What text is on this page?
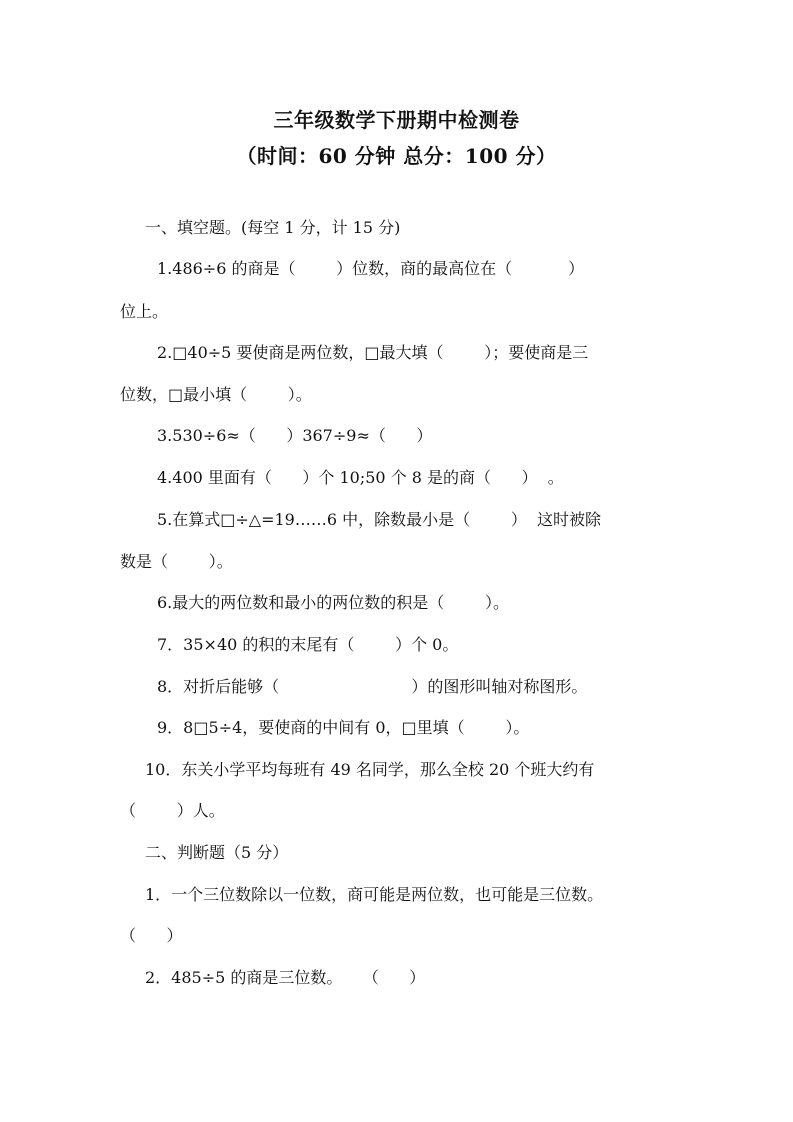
三年级数学下册期中检测卷
（时间：60 分钟 总分：100 分）
一、填空题。(每空 1 分，计 15 分)
1.486÷6 的商是（        ）位数，商的最高位在（           ）
位上。
2.□40÷5 要使商是两位数，□最大填（        ）；要使商是三
位数，□最小填（        ）。
3.530÷6≈（      ）367÷9≈（      ）
4.400 里面有（      ）个 10;50 个 8 是的商（      ）  。
5.在算式□÷△=19……6 中，除数最小是（        ）  这时被除
数是（        ）。
6.最大的两位数和最小的两位数的积是（        ）。
7．35×40 的积的末尾有（        ）个 0。
8．对折后能够（                          ）的图形叫轴对称图形。
9．8□5÷4，要使商的中间有 0，□里填（        ）。
10．东关小学平均每班有 49 名同学，那么全校 20 个班大约有
（        ）人。
二、判断题（5 分）
1．一个三位数除以一位数，商可能是两位数，也可能是三位数。
（      ）
2．485÷5 的商是三位数。    （      ）
